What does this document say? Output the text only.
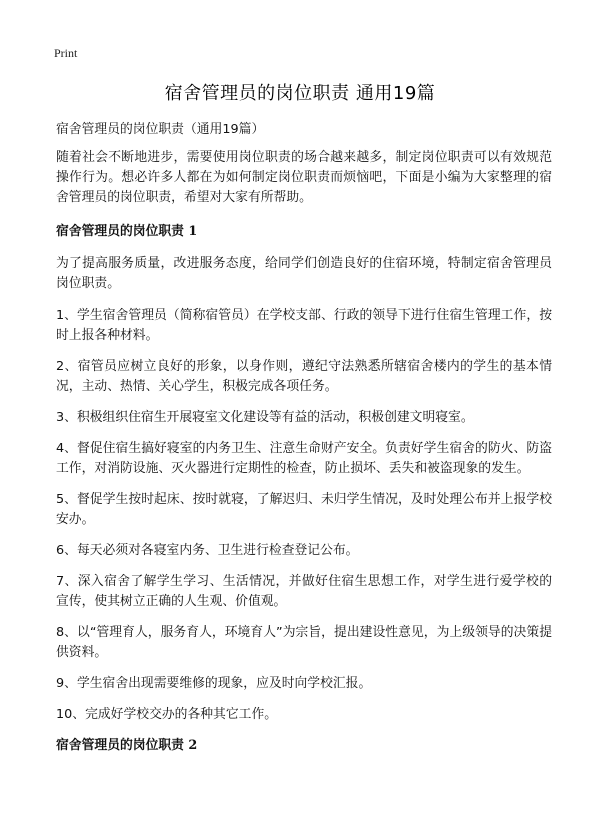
Print
宿舍管理员的岗位职责 通用19篇

宿舍管理员的岗位职责（通用19篇）

随着社会不断地进步，需要使用岗位职责的场合越来越多，制定岗位职责可以有效规范操作行为。想必许多人都在为如何制定岗位职责而烦恼吧，下面是小编为大家整理的宿舍管理员的岗位职责，希望对大家有所帮助。

宿舍管理员的岗位职责 1

为了提高服务质量，改进服务态度，给同学们创造良好的住宿环境，特制定宿舍管理员岗位职责。

1、学生宿舍管理员（简称宿管员）在学校支部、行政的领导下进行住宿生管理工作，按时上报各种材料。

2、宿管员应树立良好的形象，以身作则，遵纪守法熟悉所辖宿舍楼内的学生的基本情况，主动、热情、关心学生，积极完成各项任务。

3、积极组织住宿生开展寝室文化建设等有益的活动，积极创建文明寝室。

4、督促住宿生搞好寝室的内务卫生、注意生命财产安全。负责好学生宿舍的防火、防盗工作，对消防设施、灭火器进行定期性的检查，防止损坏、丢失和被盗现象的发生。

5、督促学生按时起床、按时就寝，了解迟归、未归学生情况，及时处理公布并上报学校安办。

6、每天必须对各寝室内务、卫生进行检查登记公布。

7、深入宿舍了解学生学习、生活情况，并做好住宿生思想工作，对学生进行爱学校的 宣传，使其树立正确的人生观、价值观。

8、以“管理育人，服务育人，环境育人”为宗旨，提出建设性意见，为上级领导的决策提供资料。

9、学生宿舍出现需要维修的现象，应及时向学校汇报。

10、完成好学校交办的各种其它工作。

宿舍管理员的岗位职责 2
